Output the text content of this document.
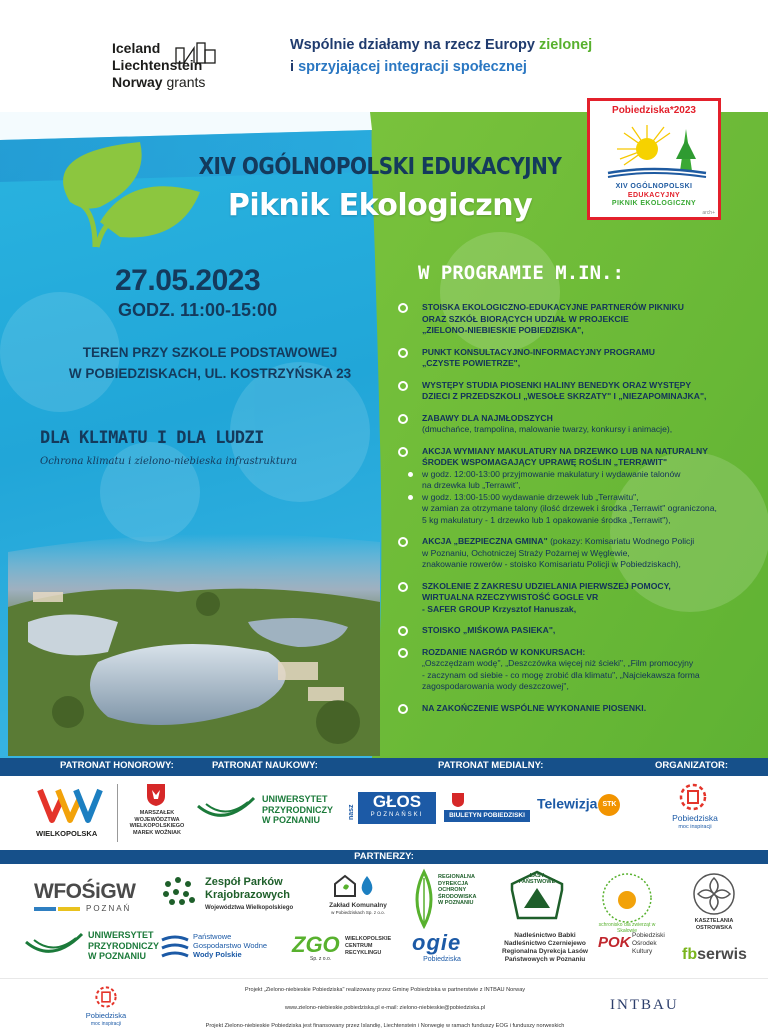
Iceland
Liechtenstein
Norway grants
Wspólnie działamy na rzecz Europy zielonej
i sprzyjającej integracji społecznej
XIV OGÓLNOPOLSKI EDUKACYJNY
Piknik Ekologiczny
Pobiedziska*2023
XIV OGÓLNOPOLSKI
EDUKACYJNY
PIKNIK EKOLOGICZNY
arch+
27.05.2023
GODZ. 11:00-15:00
TEREN PRZY SZKOLE PODSTAWOWEJ
W POBIEDZISKACH, UL. KOSTRZYŃSKA 23
DLA KLIMATU I DLA LUDZI
Ochrona klimatu i zielono-niebieska infrastruktura
W PROGRAMIE M.IN.:
STOISKA EKOLOGICZNO-EDUKACYJNE PARTNERÓW PIKNIKU
ORAZ SZKÓŁ BIORĄCYCH UDZIAŁ W PROJEKCIE
„ZIELONO-NIEBIESKIE POBIEDZISKA",
PUNKT KONSULTACYJNO-INFORMACYJNY PROGRAMU
„CZYSTE POWIETRZE",
WYSTĘPY STUDIA PIOSENKI HALINY BENEDYK ORAZ WYSTĘPY
DZIECI Z PRZEDSZKOLI „WESOŁE SKRZATY" I „NIEZAPOMINAJKA",
ZABAWY DLA NAJMŁODSZYCH
(dmuchańce, trampolina, malowanie twarzy, konkursy i animacje),
AKCJA WYMIANY MAKULATURY NA DRZEWKO LUB NA NATURALNY
ŚRODEK WSPOMAGAJĄCY UPRAWĘ ROŚLIN „TERRAWIT"
w godz. 12:00-13:00 przyjmowanie makulatury i wydawanie talonów
na drzewka lub „Terrawit",
w godz. 13:00-15:00 wydawanie drzewek lub „Terrawitu",
w zamian za otrzymane talony (ilość drzewek i środka „Terrawit" ograniczona,
5 kg makulatury - 1 drzewko lub 1 opakowanie środka „Terrawit"),
AKCJA „BEZPIECZNA GMINA" (pokazy: Komisariatu Wodnego Policji
w Poznaniu, Ochotniczej Straży Pożarnej w Węglewie,
znakowanie rowerów - stoisko Komisariatu Policji w Pobiedziskach),
SZKOLENIE Z ZAKRESU UDZIELANIA PIERWSZEJ POMOCY,
WIRTUALNA RZECZYWISTOŚĆ GOGLE VR
- SAFER GROUP Krzysztof Hanuszak,
STOISKO „MIŚKOWA PASIEKA",
ROZDANIE NAGRÓD W KONKURSACH:
„Oszczędzam wodę", „Deszczówka więcej niż ścieki", „Film promocyjny
- zaczynam od siebie - co mogę zrobić dla klimatu", „Najciekawsza forma
zagospodarowania wody deszczowej",
NA ZAKOŃCZENIE WSPÓLNE WYKONANIE PIOSENKI.
PATRONAT HONOROWY:	PATRONAT NAUKOWY:	PATRONAT MEDIALNY:	ORGANIZATOR:
WIELKOPOLSKA
MARSZAŁEK
WOJEWÓDZTWA
WIELKOPOLSKIEGO
MAREK WOŹNIAK
UNIWERSYTET
PRZYRODNICZY
W POZNANIU	nasz
GŁOS
POZNAŃSKI	BIULETYN POBIEDZISKI
Telewizja STK
Pobiedziska
moc inspiracji
PARTNERZY:
WFOŚiGW
POZNAŃ
Zespół Parków
Krajobrazowych
Województwa Wielkopolskiego	Zakład Komunalny
w Pobiedziskach Sp. z o.o.
REGIONALNA
DYREKCJA
OCHRONY
ŚRODOWISKA
W POZNANIU
LASY PAŃSTWOWE
schronisko dla zwierząt w Skałowie
KASZTELANIA
OSTROWSKA
UNIWERSYTET
PRZYRODNICZY
W POZNANIU
Państwowe
Gospodarstwo Wodne
Wody Polskie	ZGO
Sp. z o.o.
WIELKOPOLSKIE
CENTRUM
RECYKLINGU	ogie
Pobiedziska
Nadleśnictwo Babki
Nadleśnictwo Czerniejewo
Regionalna Dyrekcja Lasów
Państwowych w Poznaniu
POK Pobiedziski
Ośrodek
Kultury	fbserwis
Pobiedziska
moc inspiracji
Projekt „Zielono-niebieskie Pobiedziska" realizowany przez Gminę Pobiedziska w partnerstwie z INTBAU Norway
www.zielono-niebieskie.pobiedziska.pl e-mail: zielono-niebieskie@pobiedziska.pl
Projekt Zielono-niebieskie Pobiedziska jest finansowany przez Islandię, Liechtenstein i Norwegię w ramach funduszy EOG i funduszy norweskich
INTBAU
